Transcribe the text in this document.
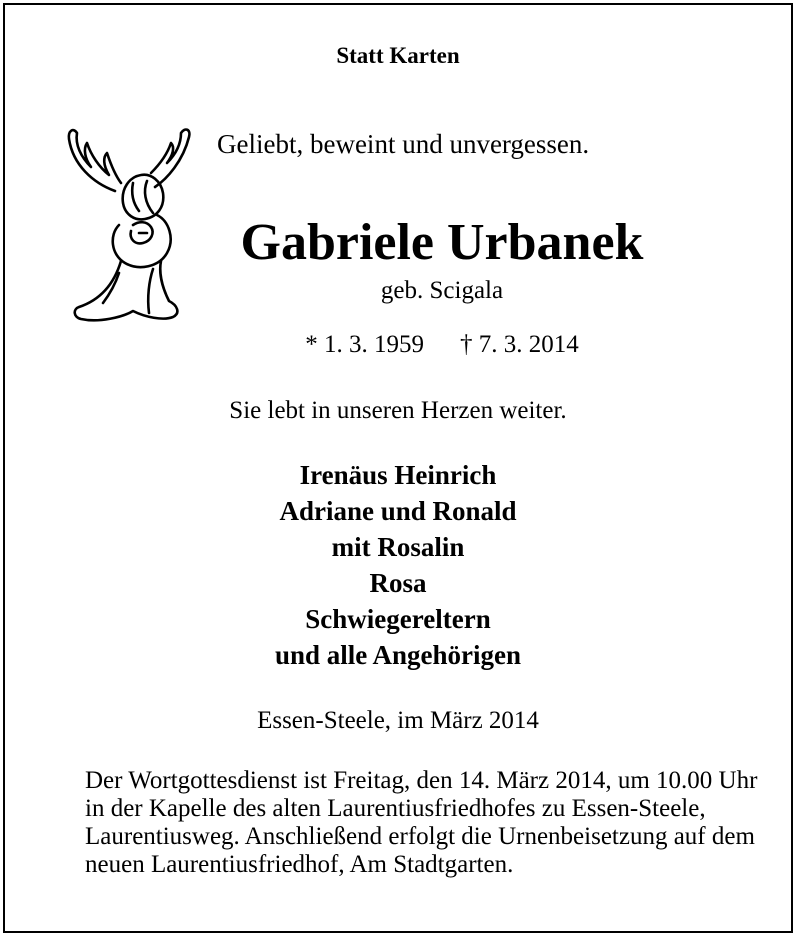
Statt Karten
Geliebt, beweint und unvergessen.
Gabriele Urbanek
geb. Scigala
* 1. 3. 1959 † 7. 3. 2014
Sie lebt in unseren Herzen weiter.
Irenäus Heinrich
Adriane und Ronald
mit Rosalin
Rosa
Schwiegereltern
und alle Angehörigen
Essen-Steele, im März 2014
Der Wortgottesdienst ist Freitag, den 14. März 2014, um 10.00 Uhr in der Kapelle des alten Laurentiusfriedhofes zu Essen-Steele, Laurentiusweg. Anschließend erfolgt die Urnenbeisetzung auf dem neuen Laurentiusfriedhof, Am Stadtgarten.
